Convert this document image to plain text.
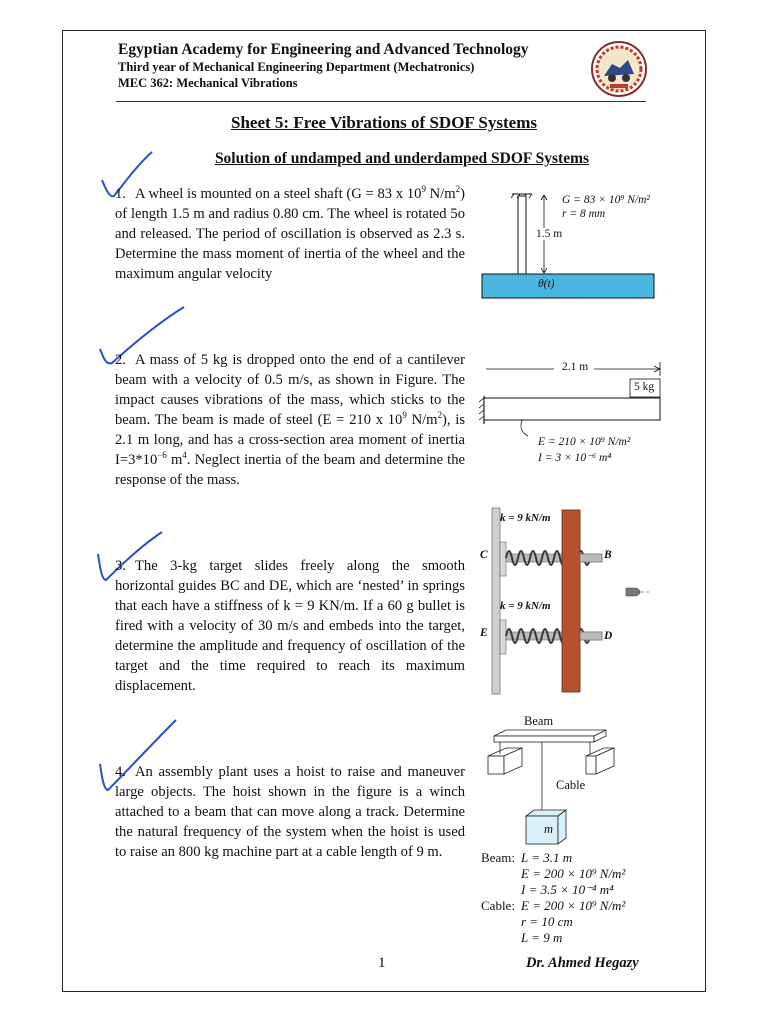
Egyptian Academy for Engineering and Advanced Technology
Third year of Mechanical Engineering Department (Mechatronics)
MEC 362: Mechanical Vibrations
Sheet 5: Free Vibrations of SDOF Systems
Solution of undamped and underdamped SDOF Systems
1. A wheel is mounted on a steel shaft (G = 83 x $10^9$ $N/m^2$) of length 1.5 m and radius 0.80 cm. The wheel is rotated 5o and released. The period of oscillation is observed as 2.3 s. Determine the mass moment of inertia of the wheel and the maximum angular velocity
G = 83 × 10⁹ N/m²
r = 8 mm
1.5 m
θ(t)
2. A mass of 5 kg is dropped onto the end of a cantilever beam with a velocity of 0.5 m/s, as shown in Figure. The impact causes vibrations of the mass, which sticks to the beam. The beam is made of steel (E = 210 x $10^9$ $N/m^2$), is 2.1 m long, and has a cross-section area moment of inertia $I=3*10^{-6}$ $m^4$. Neglect inertia of the beam and determine the response of the mass.
2.1 m
5 kg
E = 210 × 10⁹ N/m²
I = 3 × 10⁻⁶ m⁴
3. The 3-kg target slides freely along the smooth horizontal guides BC and DE, which are ‘nested’ in springs that each have a stiffness of k = 9 KN/m. If a 60 g bullet is fired with a velocity of 30 m/s and embeds into the target, determine the amplitude and frequency of oscillation of the target and the time required to reach its maximum displacement.
k = 9 kN/m
k = 9 kN/m
C	B
E	D
4. An assembly plant uses a hoist to raise and maneuver large objects. The hoist shown in the figure is a winch attached to a beam that can move along a track. Determine the natural frequency of the system when the hoist is used to raise an 800 kg machine part at a cable length of 9 m.
Beam
Cable
m
Beam: L = 3.1 m
E = 200 × 10⁹ N/m²
I = 3.5 × 10⁻⁴ m⁴
Cable: E = 200 × 10⁹ N/m²
r = 10 cm
L = 9 m
1	Dr. Ahmed Hegazy
